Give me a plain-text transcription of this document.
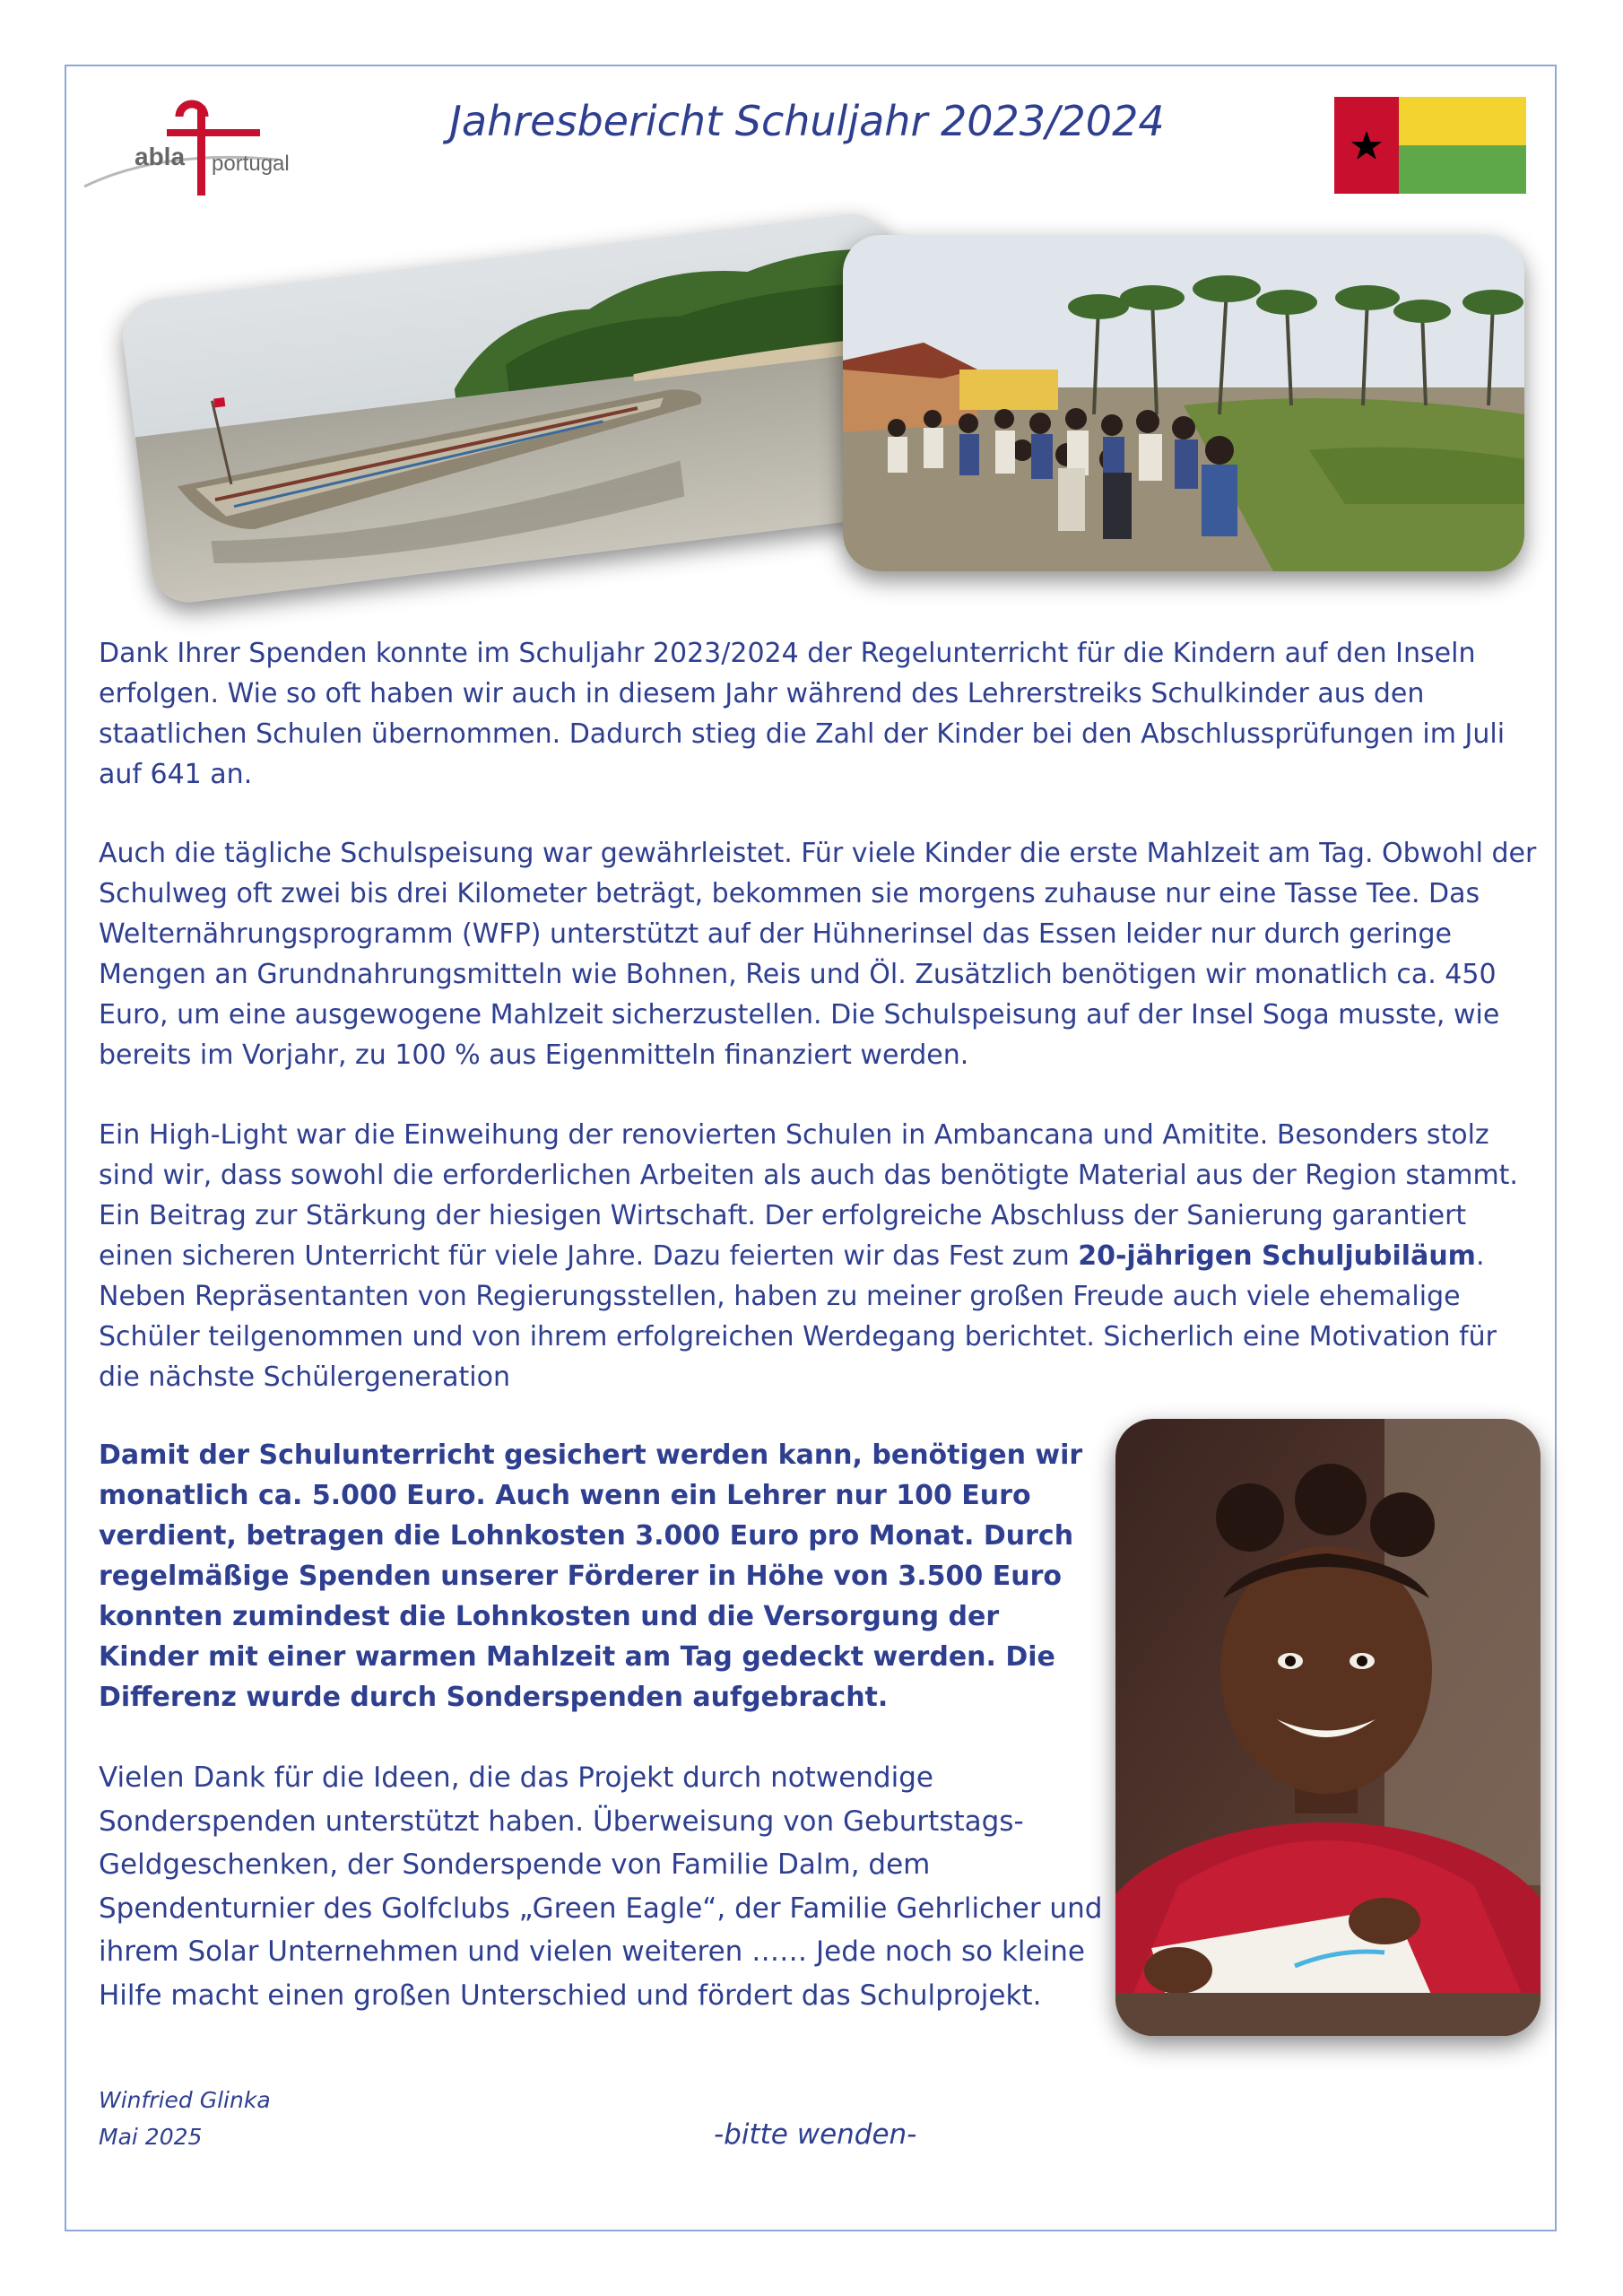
abla portugal
Jahresbericht Schuljahr 2023/2024

Dank Ihrer Spenden konnte im Schuljahr 2023/2024 der Regelunterricht für die Kindern auf den Inseln erfolgen. Wie so oft haben wir auch in diesem Jahr während des Lehrerstreiks Schulkinder aus den staatlichen Schulen übernommen. Dadurch stieg die Zahl der Kinder bei den Abschlussprüfungen im Juli auf 641 an.

Auch die tägliche Schulspeisung war gewährleistet. Für viele Kinder die erste Mahlzeit am Tag. Obwohl der Schulweg oft zwei bis drei Kilometer beträgt, bekommen sie morgens zuhause nur eine Tasse Tee. Das Welternährungsprogramm (WFP) unterstützt auf der Hühnerinsel das Essen leider nur durch geringe Mengen an Grundnahrungsmitteln wie Bohnen, Reis und Öl. Zusätzlich benötigen wir monatlich ca. 450 Euro, um eine ausgewogene Mahlzeit sicherzustellen. Die Schulspeisung auf der Insel Soga musste, wie bereits im Vorjahr, zu 100 % aus Eigenmitteln finanziert werden.

Ein High-Light war die Einweihung der renovierten Schulen in Ambancana und Amitite. Besonders stolz sind wir, dass sowohl die erforderlichen Arbeiten als auch das benötigte Material aus der Region stammt. Ein Beitrag zur Stärkung der hiesigen Wirtschaft. Der erfolgreiche Abschluss der Sanierung garantiert einen sicheren Unterricht für viele Jahre. Dazu feierten wir das Fest zum 20-jährigen Schuljubiläum. Neben Repräsentanten von Regierungsstellen, haben zu meiner großen Freude auch viele ehemalige Schüler teilgenommen und von ihrem erfolgreichen Werdegang berichtet. Sicherlich eine Motivation für die nächste Schülergeneration

Damit der Schulunterricht gesichert werden kann, benötigen wir monatlich ca. 5.000 Euro. Auch wenn ein Lehrer nur 100 Euro verdient, betragen die Lohnkosten 3.000 Euro pro Monat. Durch regelmäßige Spenden unserer Förderer in Höhe von 3.500 Euro konnten zumindest die Lohnkosten und die Versorgung der Kinder mit einer warmen Mahlzeit am Tag gedeckt werden. Die Differenz wurde durch Sonderspenden aufgebracht.

Vielen Dank für die Ideen, die das Projekt durch notwendige Sonderspenden unterstützt haben. Überweisung von Geburtstags-Geldgeschenken, der Sonderspende von Familie Dalm, dem Spendenturnier des Golfclubs „Green Eagle“, der Familie Gehrlicher und ihrem Solar Unternehmen und vielen weiteren …… Jede noch so kleine Hilfe macht einen großen Unterschied und fördert das Schulprojekt.

Winfried Glinka
Mai 2025	-bitte wenden-
